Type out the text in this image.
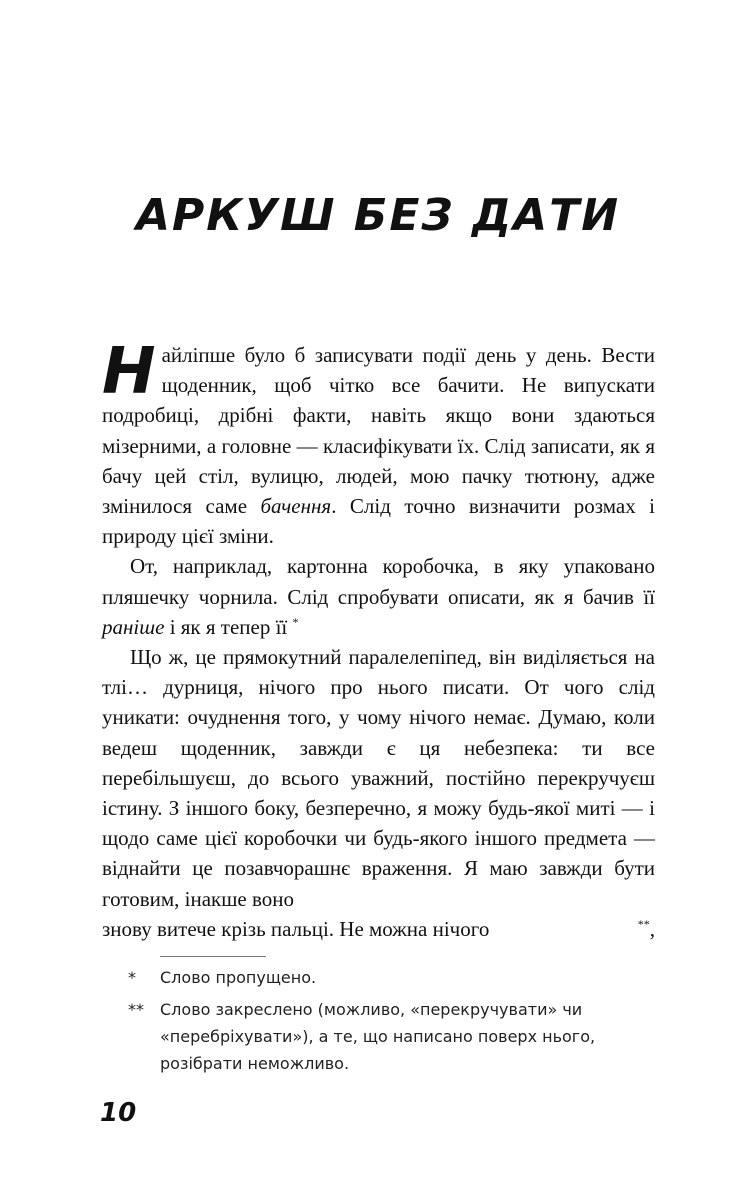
АРКУШ БЕЗ ДАТИ

Найліпше було б записувати події день у день. Вести щоденник, щоб чітко все бачити. Не випускати подробиці, дрібні факти, навіть якщо вони здаються мізерними, а головне — класифікувати їх. Слід записати, як я бачу цей стіл, вулицю, людей, мою пачку тютюну, адже змінилося саме бачення. Слід точно визначити розмах і природу цієї зміни.

От, наприклад, картонна коробочка, в яку упаковано пляшечку чорнила. Слід спробувати описати, як я бачив її раніше і як я тепер її *

Що ж, це прямокутний паралелепіпед, він виділяється на тлі… дурниця, нічого про нього писати. От чого слід уникати: очуднення того, у чому нічого немає. Думаю, коли ведеш щоденник, завжди є ця небезпека: ти все перебільшуєш, до всього уважний, постійно перекручуєш істину. З іншого боку, безперечно, я можу будь-якої миті — і щодо саме цієї коробочки чи будь-якого іншого предмета — віднайти це позавчорашнє враження. Я маю завжди бути готовим, інакше воно

знову витече крізь пальці. Не можна нічого	**,
*	Слово пропущено.
**	Слово закреслено (можливо, «перекручувати» чи «перебріхувати»), а те, що написано поверх нього, розібрати неможливо.
10
